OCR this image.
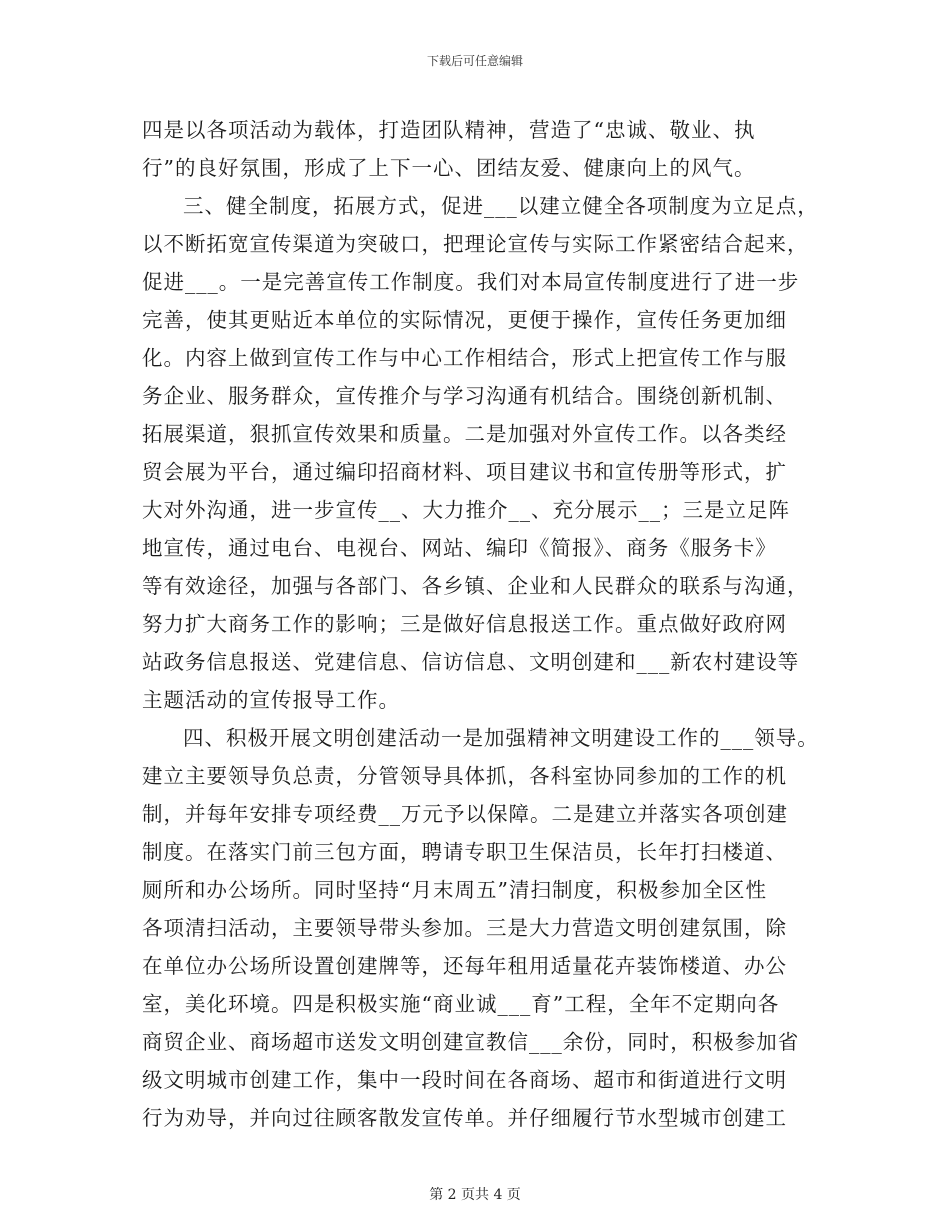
下载后可任意编辑
四是以各项活动为载体，打造团队精神，营造了“忠诚、敬业、执
行”的良好氛围，形成了上下一心、团结友爱、健康向上的风气。
三、健全制度，拓展方式，促进___以建立健全各项制度为立足点，
以不断拓宽宣传渠道为突破口，把理论宣传与实际工作紧密结合起来，
促进___。一是完善宣传工作制度。我们对本局宣传制度进行了进一步
完善，使其更贴近本单位的实际情况，更便于操作，宣传任务更加细
化。内容上做到宣传工作与中心工作相结合，形式上把宣传工作与服
务企业、服务群众，宣传推介与学习沟通有机结合。围绕创新机制、
拓展渠道，狠抓宣传效果和质量。二是加强对外宣传工作。以各类经
贸会展为平台，通过编印招商材料、项目建议书和宣传册等形式，扩
大对外沟通，进一步宣传__、大力推介__、充分展示__；三是立足阵
地宣传，通过电台、电视台、网站、编印《简报》、商务《服务卡》
等有效途径，加强与各部门、各乡镇、企业和人民群众的联系与沟通，
努力扩大商务工作的影响；三是做好信息报送工作。重点做好政府网
站政务信息报送、党建信息、信访信息、文明创建和___新农村建设等
主题活动的宣传报导工作。
四、积极开展文明创建活动一是加强精神文明建设工作的___领导。
建立主要领导负总责，分管领导具体抓，各科室协同参加的工作的机
制，并每年安排专项经费__万元予以保障。二是建立并落实各项创建
制度。在落实门前三包方面，聘请专职卫生保洁员，长年打扫楼道、
厕所和办公场所。同时坚持“月末周五”清扫制度，积极参加全区性
各项清扫活动，主要领导带头参加。三是大力营造文明创建氛围，除
在单位办公场所设置创建牌等，还每年租用适量花卉装饰楼道、办公
室，美化环境。四是积极实施“商业诚___育”工程，全年不定期向各
商贸企业、商场超市送发文明创建宣教信___余份，同时，积极参加省
级文明城市创建工作，集中一段时间在各商场、超市和街道进行文明
行为劝导，并向过往顾客散发宣传单。并仔细履行节水型城市创建工
第 2 页共 4 页
